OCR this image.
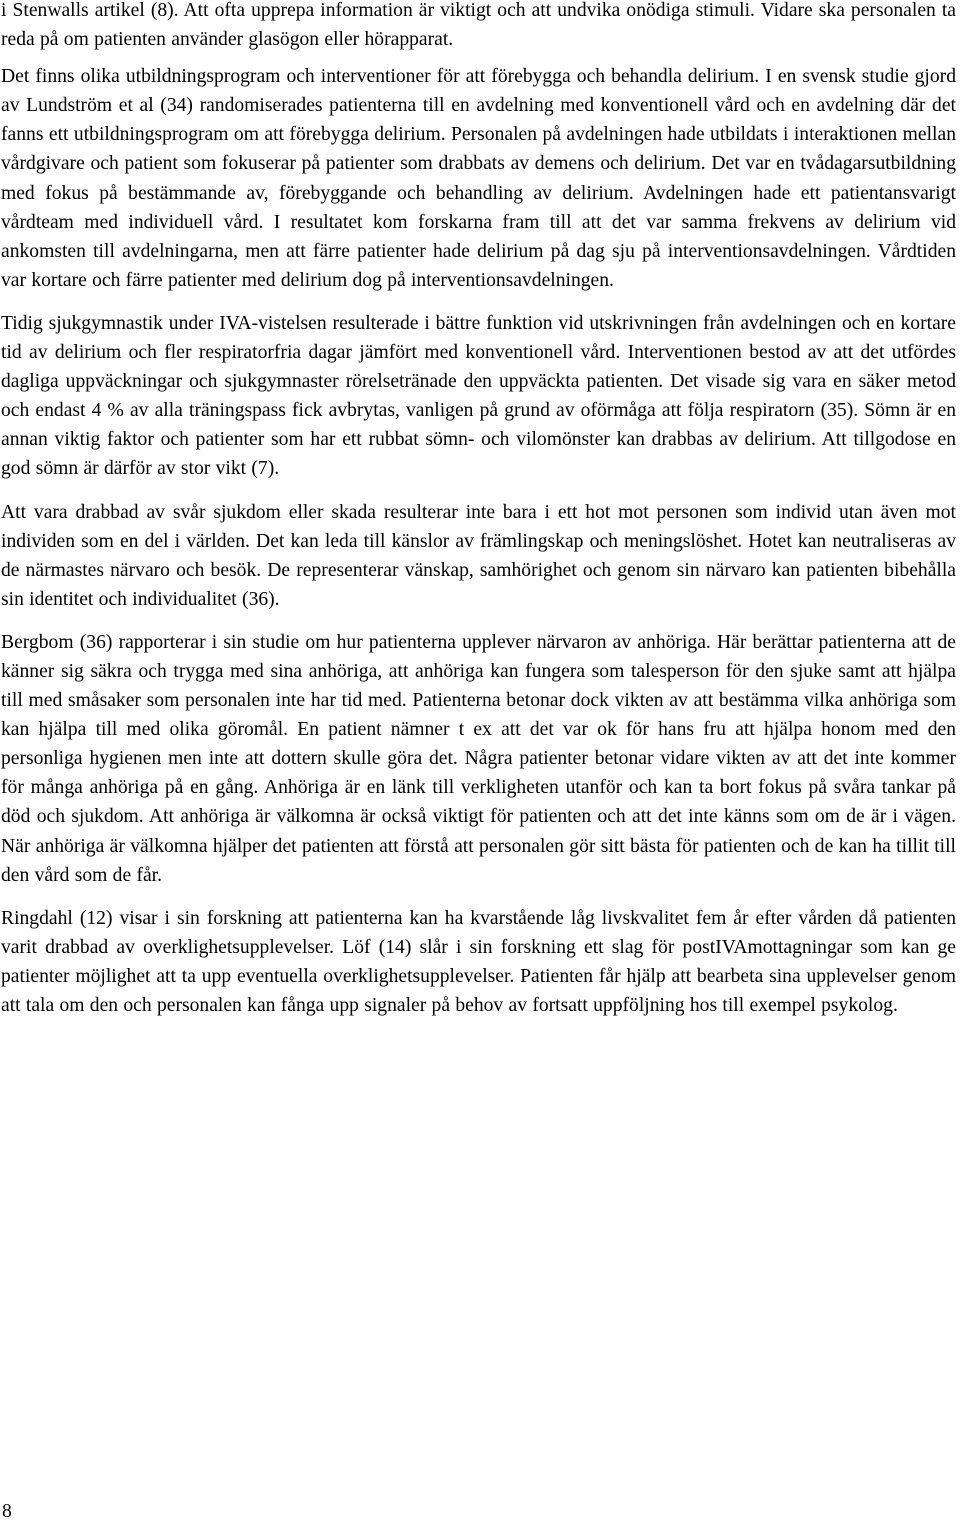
i Stenwalls artikel (8). Att ofta upprepa information är viktigt och att undvika onödiga stimuli. Vidare ska personalen ta reda på om patienten använder glasögon eller hörapparat.

Det finns olika utbildningsprogram och interventioner för att förebygga och behandla delirium. I en svensk studie gjord av Lundström et al (34) randomiserades patienterna till en avdelning med konventionell vård och en avdelning där det fanns ett utbildningsprogram om att förebygga delirium. Personalen på avdelningen hade utbildats i interaktionen mellan vårdgivare och patient som fokuserar på patienter som drabbats av demens och delirium. Det var en tvådagarsutbildning med fokus på bestämmande av, förebyggande och behandling av delirium. Avdelningen hade ett patientansvarigt vårdteam med individuell vård. I resultatet kom forskarna fram till att det var samma frekvens av delirium vid ankomsten till avdelningarna, men att färre patienter hade delirium på dag sju på interventionsavdelningen. Vårdtiden var kortare och färre patienter med delirium dog på interventionsavdelningen.

Tidig sjukgymnastik under IVA-vistelsen resulterade i bättre funktion vid utskrivningen från avdelningen och en kortare tid av delirium och fler respiratorfria dagar jämfört med konventionell vård. Interventionen bestod av att det utfördes dagliga uppväckningar och sjukgymnaster rörelsetränade den uppväckta patienten. Det visade sig vara en säker metod och endast 4 % av alla träningspass fick avbrytas, vanligen på grund av oförmåga att följa respiratorn (35). Sömn är en annan viktig faktor och patienter som har ett rubbat sömn- och vilomönster kan drabbas av delirium. Att tillgodose en god sömn är därför av stor vikt (7).

Att vara drabbad av svår sjukdom eller skada resulterar inte bara i ett hot mot personen som individ utan även mot individen som en del i världen. Det kan leda till känslor av främlingskap och meningslöshet. Hotet kan neutraliseras av de närmastes närvaro och besök. De representerar vänskap, samhörighet och genom sin närvaro kan patienten bibehålla sin identitet och individualitet (36).

Bergbom (36) rapporterar i sin studie om hur patienterna upplever närvaron av anhöriga. Här berättar patienterna att de känner sig säkra och trygga med sina anhöriga, att anhöriga kan fungera som talesperson för den sjuke samt att hjälpa till med småsaker som personalen inte har tid med. Patienterna betonar dock vikten av att bestämma vilka anhöriga som kan hjälpa till med olika göromål. En patient nämner t ex att det var ok för hans fru att hjälpa honom med den personliga hygienen men inte att dottern skulle göra det. Några patienter betonar vidare vikten av att det inte kommer för många anhöriga på en gång. Anhöriga är en länk till verkligheten utanför och kan ta bort fokus på svåra tankar på död och sjukdom. Att anhöriga är välkomna är också viktigt för patienten och att det inte känns som om de är i vägen. När anhöriga är välkomna hjälper det patienten att förstå att personalen gör sitt bästa för patienten och de kan ha tillit till den vård som de får.

Ringdahl (12) visar i sin forskning att patienterna kan ha kvarstående låg livskvalitet fem år efter vården då patienten varit drabbad av overklighetsupplevelser. Löf (14) slår i sin forskning ett slag för postIVAmottagningar som kan ge patienter möjlighet att ta upp eventuella overklighetsupplevelser. Patienten får hjälp att bearbeta sina upplevelser genom att tala om den och personalen kan fånga upp signaler på behov av fortsatt uppföljning hos till exempel psykolog.

8
